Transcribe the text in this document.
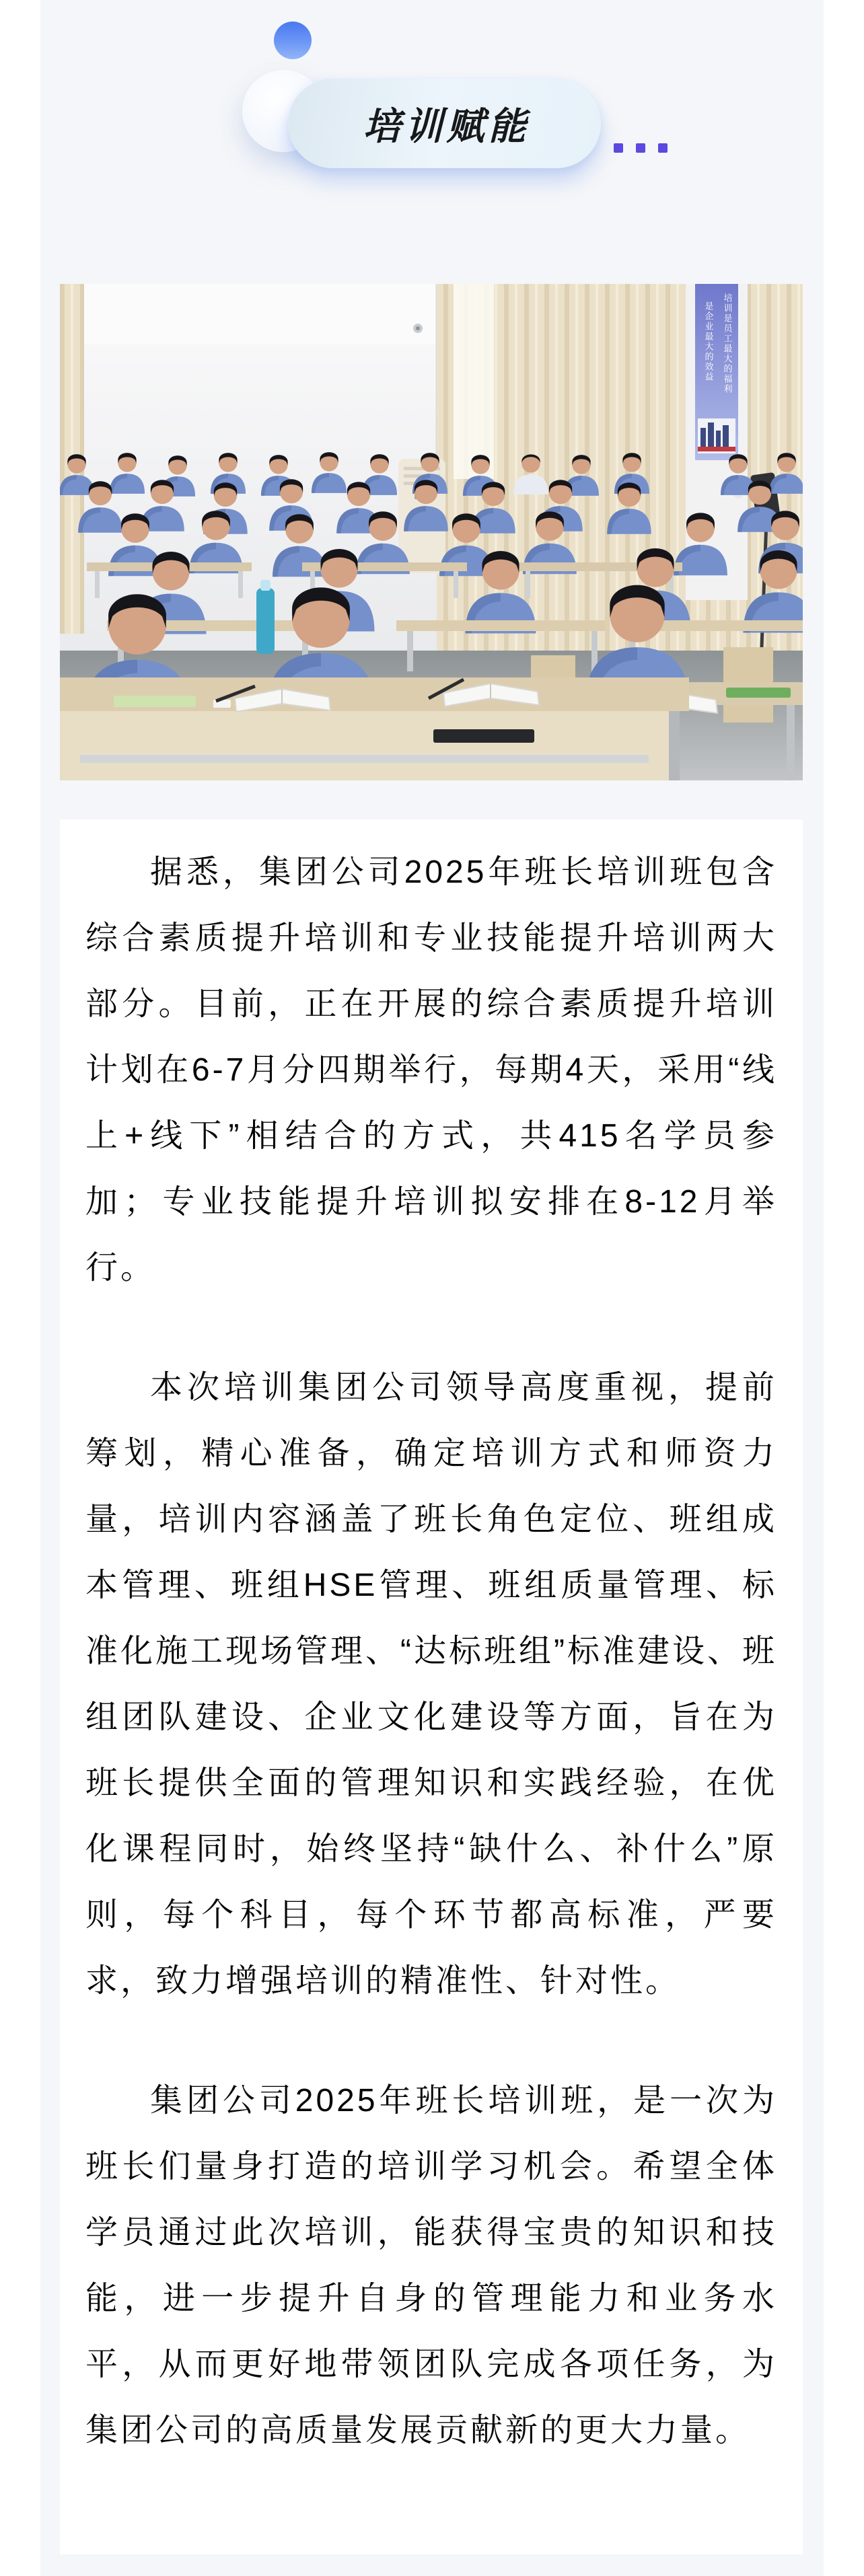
培训赋能
培训是员工最大的福利
是企业最大的效益

据悉，集团公司2025年班长培训班包含综合素质提升培训和专业技能提升培训两大部分。目前，正在开展的综合素质提升培训计划在6-7月分四期举行，每期4天，采用“线上+线下”相结合的方式，共415名学员参加；专业技能提升培训拟安排在8-12月举行。

本次培训集团公司领导高度重视，提前筹划，精心准备，确定培训方式和师资力量，培训内容涵盖了班长角色定位、班组成本管理、班组HSE管理、班组质量管理、标准化施工现场管理、“达标班组”标准建设、班组团队建设、企业文化建设等方面，旨在为班长提供全面的管理知识和实践经验，在优化课程同时，始终坚持“缺什么、补什么”原则，每个科目，每个环节都高标准，严要求，致力增强培训的精准性、针对性。

集团公司2025年班长培训班，是一次为班长们量身打造的培训学习机会。希望全体学员通过此次培训，能获得宝贵的知识和技能，进一步提升自身的管理能力和业务水平，从而更好地带领团队完成各项任务，为集团公司的高质量发展贡献新的更大力量。
